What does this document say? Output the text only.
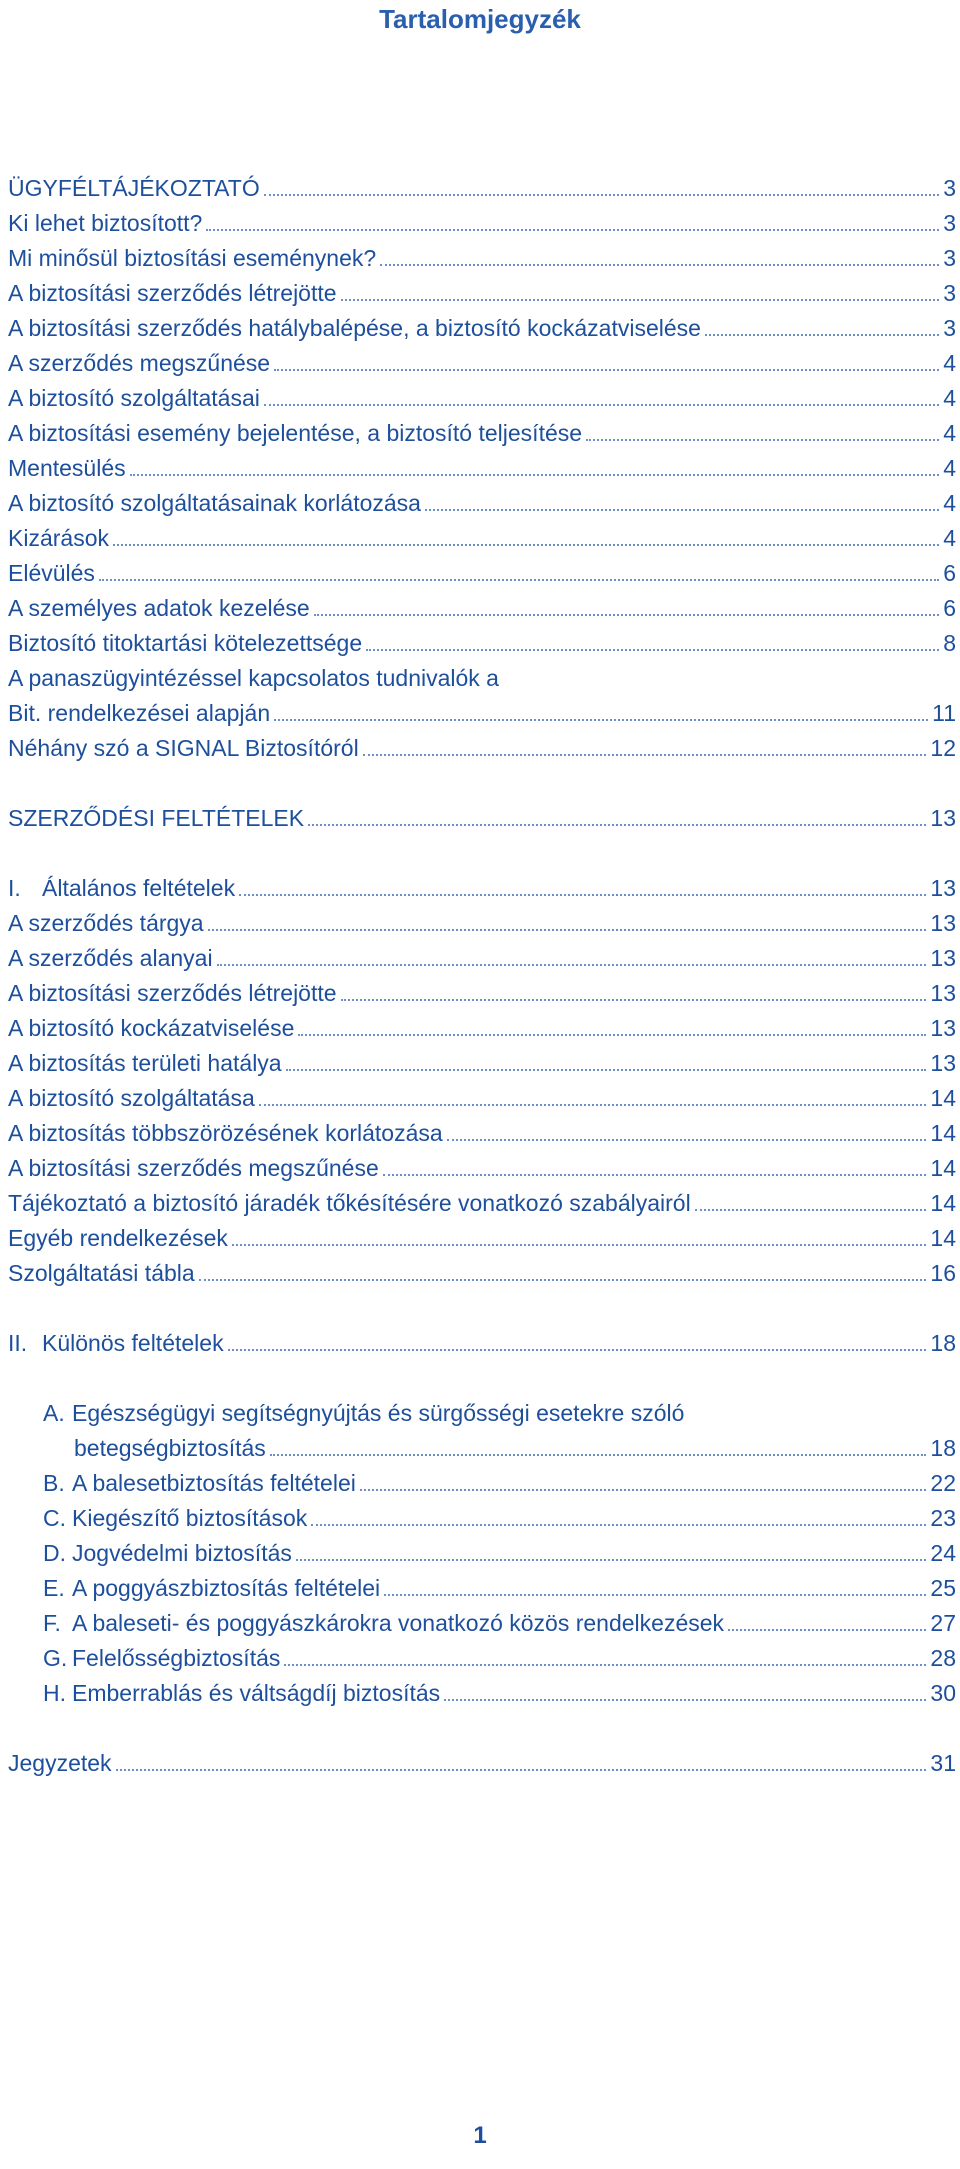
Tartalomjegyzék
ÜGYFÉLTÁJÉKOZTATÓ	3
Ki lehet biztosított?	3
Mi minősül biztosítási eseménynek?	3
A biztosítási szerződés létrejötte	3
A biztosítási szerződés hatálybalépése, a biztosító kockázatviselése	3
A szerződés megszűnése	4
A biztosító szolgáltatásai	4
A biztosítási esemény bejelentése, a biztosító teljesítése	4
Mentesülés	4
A biztosító szolgáltatásainak korlátozása	4
Kizárások	4
Elévülés	6
A személyes adatok kezelése	6
Biztosító titoktartási kötelezettsége	8
A panaszügyintézéssel kapcsolatos tudnivalók a
Bit. rendelkezései alapján	11
Néhány szó a SIGNAL Biztosítóról	12
SZERZŐDÉSI FELTÉTELEK	13
I. Általános feltételek	13
A szerződés tárgya	13
A szerződés alanyai	13
A biztosítási szerződés létrejötte	13
A biztosító kockázatviselése	13
A biztosítás területi hatálya	13
A biztosító szolgáltatása	14
A biztosítás többszörözésének korlátozása	14
A biztosítási szerződés megszűnése	14
Tájékoztató a biztosító járadék tőkésítésére vonatkozó szabályairól	14
Egyéb rendelkezések	14
Szolgáltatási tábla	16
II. Különös feltételek	18
A. Egészségügyi segítségnyújtás és sürgősségi esetekre szóló
betegségbiztosítás	18
B. A balesetbiztosítás feltételei	22
C. Kiegészítő biztosítások	23
D. Jogvédelmi biztosítás	24
E. A poggyászbiztosítás feltételei	25
F. A baleseti- és poggyászkárokra vonatkozó közös rendelkezések	27
G. Felelősségbiztosítás	28
H. Emberrablás és váltságdíj biztosítás	30
Jegyzetek	31
1
